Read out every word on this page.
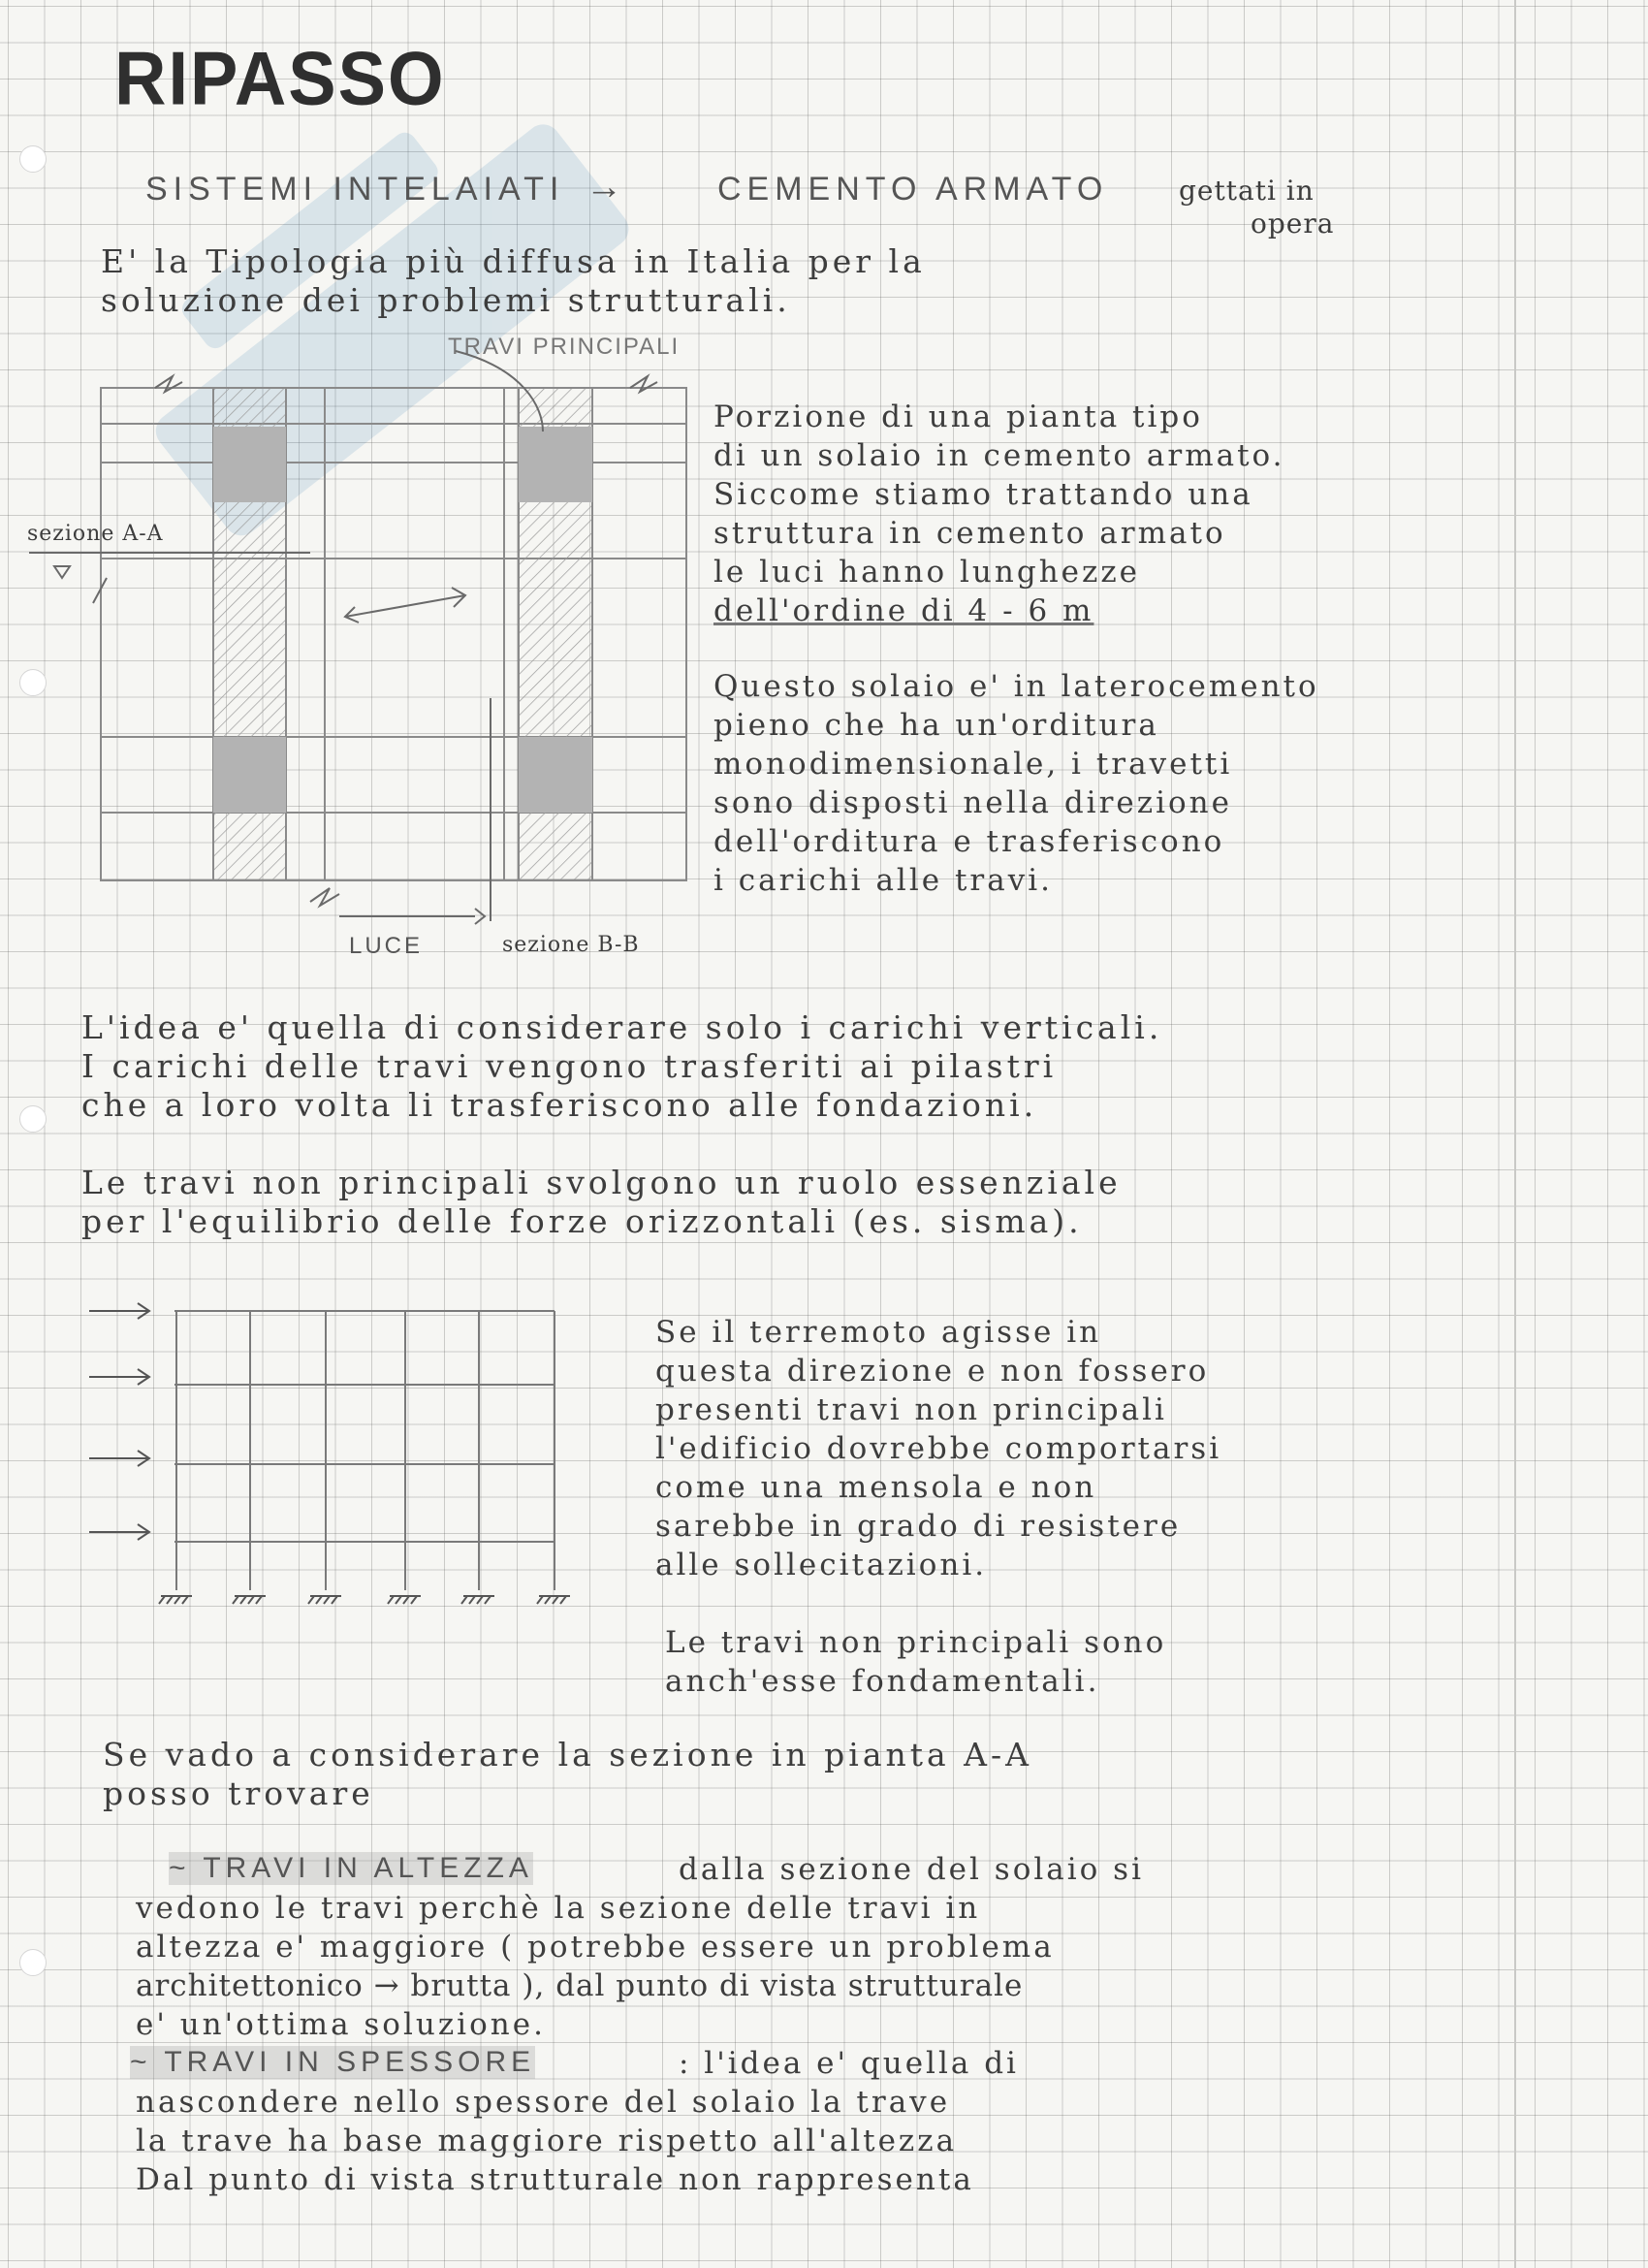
RIPASSO
SISTEMI INTELAIATI →	CEMENTO ARMATO	gettati in
opera
E' la Tipologia più diffusa in Italia per la
soluzione dei problemi strutturali.
TRAVI PRINCIPALI
sezione A-A
LUCE	sezione B-B
Porzione di una pianta tipo
di un solaio in cemento armato.
Siccome stiamo trattando una
struttura in cemento armato
le luci hanno lunghezze
dell'ordine di 4 - 6 m
Questo solaio e' in laterocemento
pieno che ha un'orditura
monodimensionale, i travetti
sono disposti nella direzione
dell'orditura e trasferiscono
i carichi alle travi.
L'idea e' quella di considerare solo i carichi verticali.
I carichi delle travi vengono trasferiti ai pilastri
che a loro volta li trasferiscono alle fondazioni.
Le travi non principali svolgono un ruolo essenziale
per l'equilibrio delle forze orizzontali (es. sisma).
Se il terremoto agisse in
questa direzione e non fossero
presenti travi non principali
l'edificio dovrebbe comportarsi
come una mensola e non
sarebbe in grado di resistere
alle sollecitazioni.
Le travi non principali sono
anch'esse fondamentali.
Se vado a considerare la sezione in pianta A-A
posso trovare
~ TRAVI IN ALTEZZA	dalla sezione del solaio si
vedono le travi perchè la sezione delle travi in
altezza e' maggiore ( potrebbe essere un problema
architettonico → brutta ), dal punto di vista strutturale
e' un'ottima soluzione.
~ TRAVI IN SPESSORE	: l'idea e' quella di
nascondere nello spessore del solaio la trave
la trave ha base maggiore rispetto all'altezza
Dal punto di vista strutturale non rappresenta
